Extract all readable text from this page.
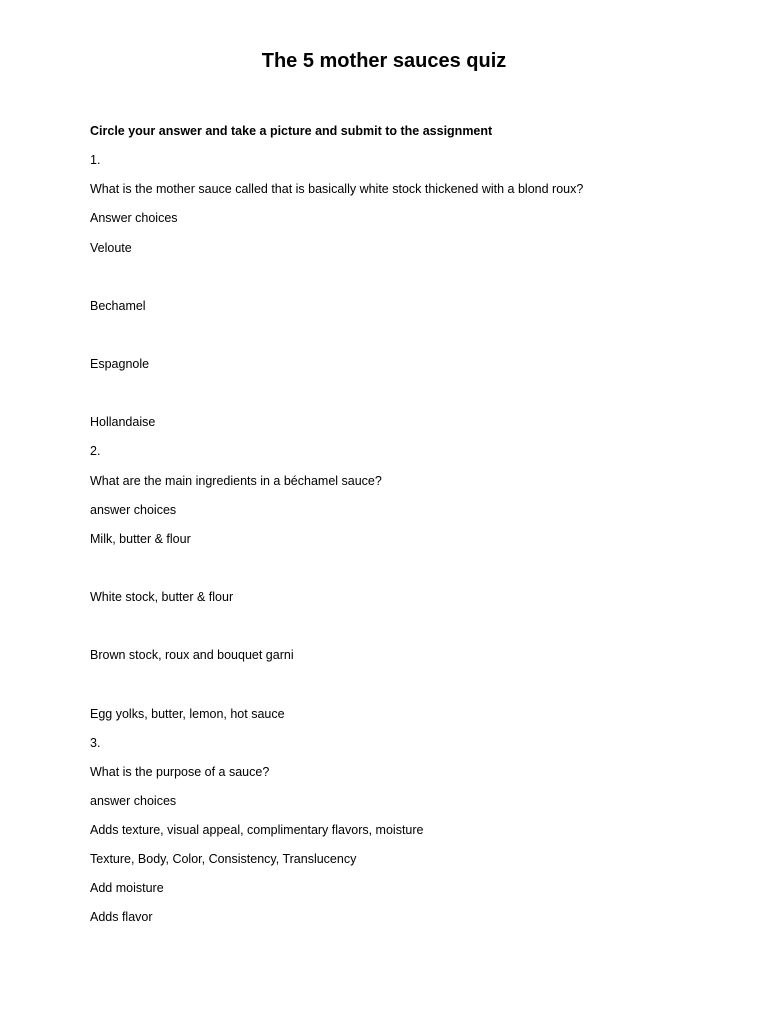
The 5 mother sauces quiz

Circle your answer and take a picture and submit to the assignment

1.

What is the mother sauce called that is basically white stock thickened with a blond roux?

Answer choices

Veloute

Bechamel

Espagnole

Hollandaise

2.

What are the main ingredients in a béchamel sauce?

answer choices

Milk, butter & flour

White stock, butter & flour

Brown stock, roux and bouquet garni

Egg yolks, butter, lemon, hot sauce

3.

What is the purpose of a sauce?

answer choices

Adds texture, visual appeal, complimentary flavors, moisture

Texture, Body, Color, Consistency, Translucency

Add moisture

Adds flavor
